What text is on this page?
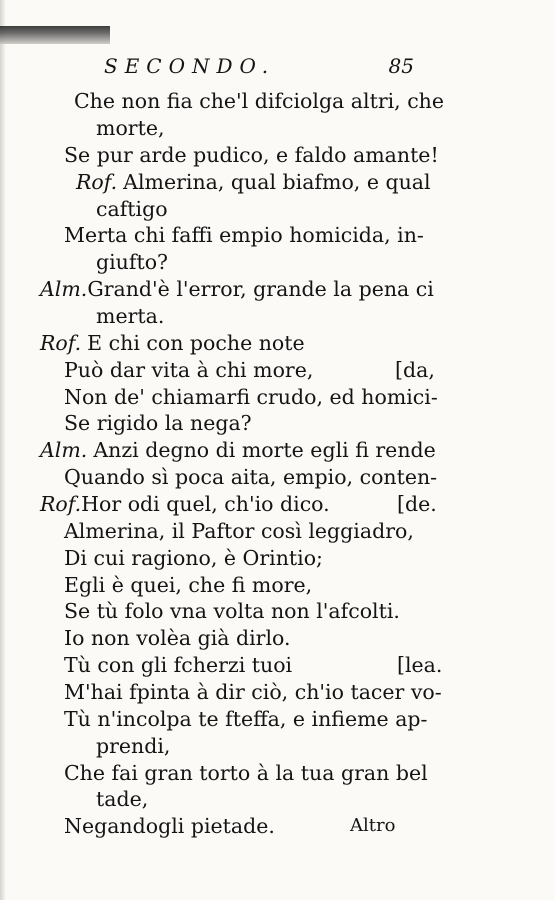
SECONDO.	85
Che non fia che'l difciolga altri, che
morte,
Se pur arde pudico, e faldo amante!
Rof. Almerina, qual biafmo, e qual
caftigo
Merta chi faffi empio homicida, in-
giufto?
Alm.Grand'è l'error, grande la pena ci
merta.
Rof. E chi con poche note
Può dar vita à chi more,
Non de' chiamarfi crudo, ed homici-
Se rigido la nega?
Alm. Anzi degno di morte egli fi rende
Quando sì poca aita, empio, conten-
Rof.Hor odi quel, ch'io dico.
Almerina, il Paftor così leggiadro,
Di cui ragiono, è Orintio;
Egli è quei, che fi more,
Se tù folo vna volta non l'afcolti.
Io non volèa già dirlo.
Tù con gli fcherzi tuoi
M'hai fpinta à dir ciò, ch'io tacer vo-
Tù n'incolpa te fteffa, e infieme ap-
prendi,
Che fai gran torto à la tua gran bel
tade,
Negandogli pietade.
[da,
[de.
[lea.
Altro
